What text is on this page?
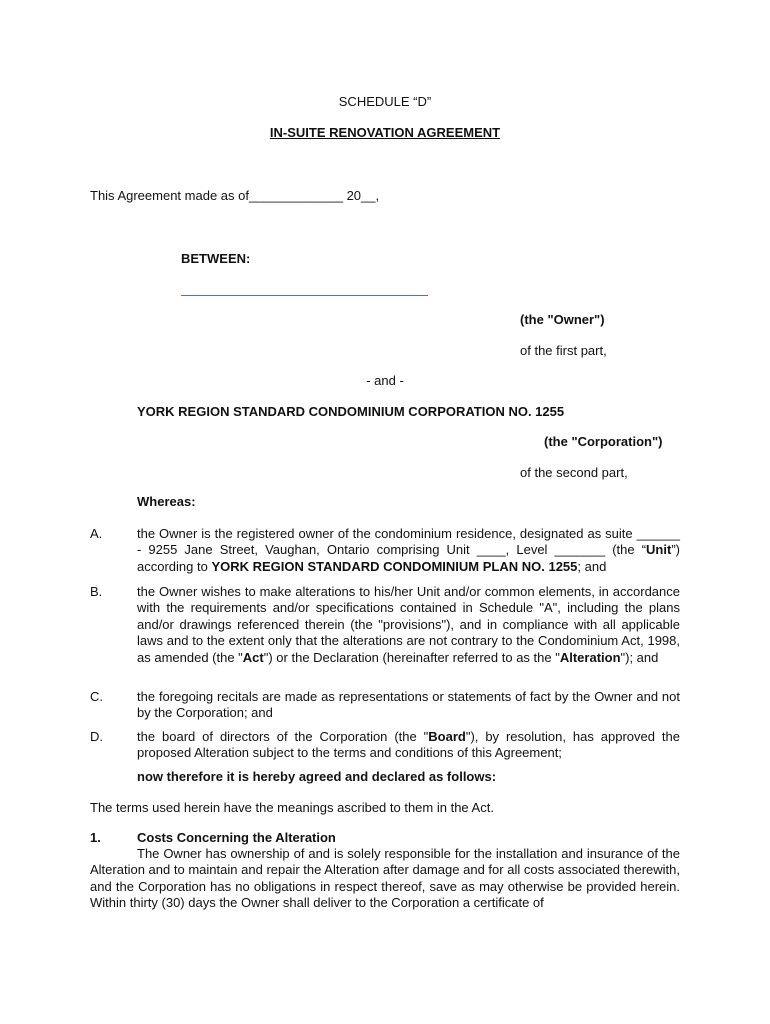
SCHEDULE “D”
IN-SUITE RENOVATION AGREEMENT
This Agreement made as of_____________ 20__,
BETWEEN:
(the "Owner")
of the first part,
- and -
YORK REGION STANDARD CONDOMINIUM CORPORATION NO. 1255
(the "Corporation")
of the second part,
Whereas:
A.	the Owner is the registered owner of the condominium residence, designated as suite ______ - 9255 Jane Street, Vaughan, Ontario comprising Unit ____, Level _______ (the “Unit”) according to YORK REGION STANDARD CONDOMINIUM PLAN NO. 1255; and
B.	the Owner wishes to make alterations to his/her Unit and/or common elements, in accordance with the requirements and/or specifications contained in Schedule "A", including the plans and/or drawings referenced therein (the "provisions"), and in compliance with all applicable laws and to the extent only that the alterations are not contrary to the Condominium Act, 1998, as amended (the "Act") or the Declaration (hereinafter referred to as the "Alteration"); and
C.	the foregoing recitals are made as representations or statements of fact by the Owner and not by the Corporation; and
D.	the board of directors of the Corporation (the "Board"), by resolution, has approved the proposed Alteration subject to the terms and conditions of this Agreement;
now therefore it is hereby agreed and declared as follows:
The terms used herein have the meanings ascribed to them in the Act.
1.	Costs Concerning the Alteration
The Owner has ownership of and is solely responsible for the installation and insurance of the Alteration and to maintain and repair the Alteration after damage and for all costs associated therewith, and the Corporation has no obligations in respect thereof, save as may otherwise be provided herein. Within thirty (30) days the Owner shall deliver to the Corporation a certificate of
